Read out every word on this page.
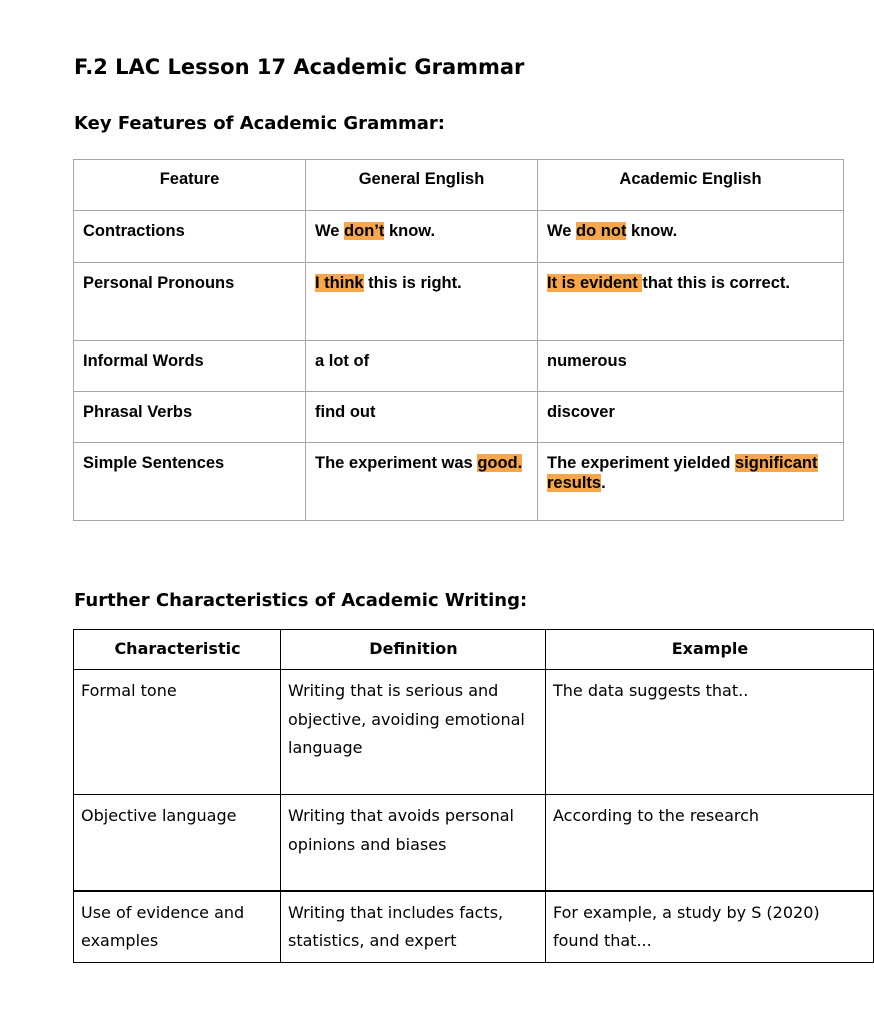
F.2 LAC Lesson 17 Academic Grammar
Key Features of Academic Grammar:
Feature	General English	Academic English
Contractions	We don’t know.	We do not know.
Personal Pronouns	I think this is right.	It is evident that this is correct.
Informal Words	a lot of	numerous
Phrasal Verbs	find out	discover
Simple Sentences	The experiment was good.	The experiment yielded significant results.
Further Characteristics of Academic Writing:
Characteristic	Definition	Example
Formal tone	Writing that is serious and objective, avoiding emotional language	The data suggests that..
Objective language	Writing that avoids personal opinions and biases	According to the research
Use of evidence and examples	Writing that includes facts, statistics, and expert	For example, a study by S (2020) found that...
